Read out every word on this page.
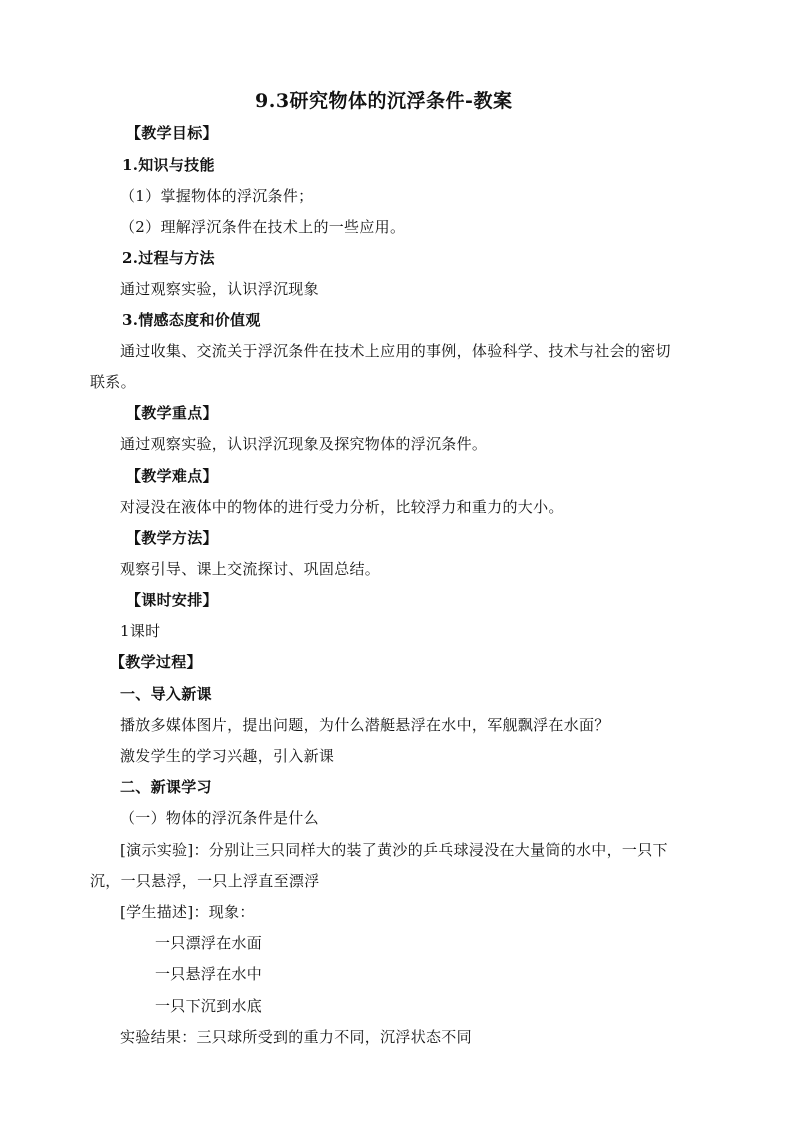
9.3研究物体的沉浮条件-教案
【教学目标】
1.知识与技能
（1）掌握物体的浮沉条件；
（2）理解浮沉条件在技术上的一些应用。
2.过程与方法
通过观察实验，认识浮沉现象
3.情感态度和价值观
通过收集、交流关于浮沉条件在技术上应用的事例，体验科学、技术与社会的密切
联系。
【教学重点】
通过观察实验，认识浮沉现象及探究物体的浮沉条件。
【教学难点】
对浸没在液体中的物体的进行受力分析，比较浮力和重力的大小。
【教学方法】
观察引导、课上交流探讨、巩固总结。
【课时安排】
1课时
【教学过程】
一、导入新课
播放多媒体图片，提出问题，为什么潜艇悬浮在水中，军舰飘浮在水面？
激发学生的学习兴趣，引入新课
二、新课学习
（一）物体的浮沉条件是什么
[演示实验]：分别让三只同样大的装了黄沙的乒乓球浸没在大量筒的水中，一只下
沉，一只悬浮，一只上浮直至漂浮
[学生描述]：现象：
一只漂浮在水面
一只悬浮在水中
一只下沉到水底
实验结果：三只球所受到的重力不同，沉浮状态不同
